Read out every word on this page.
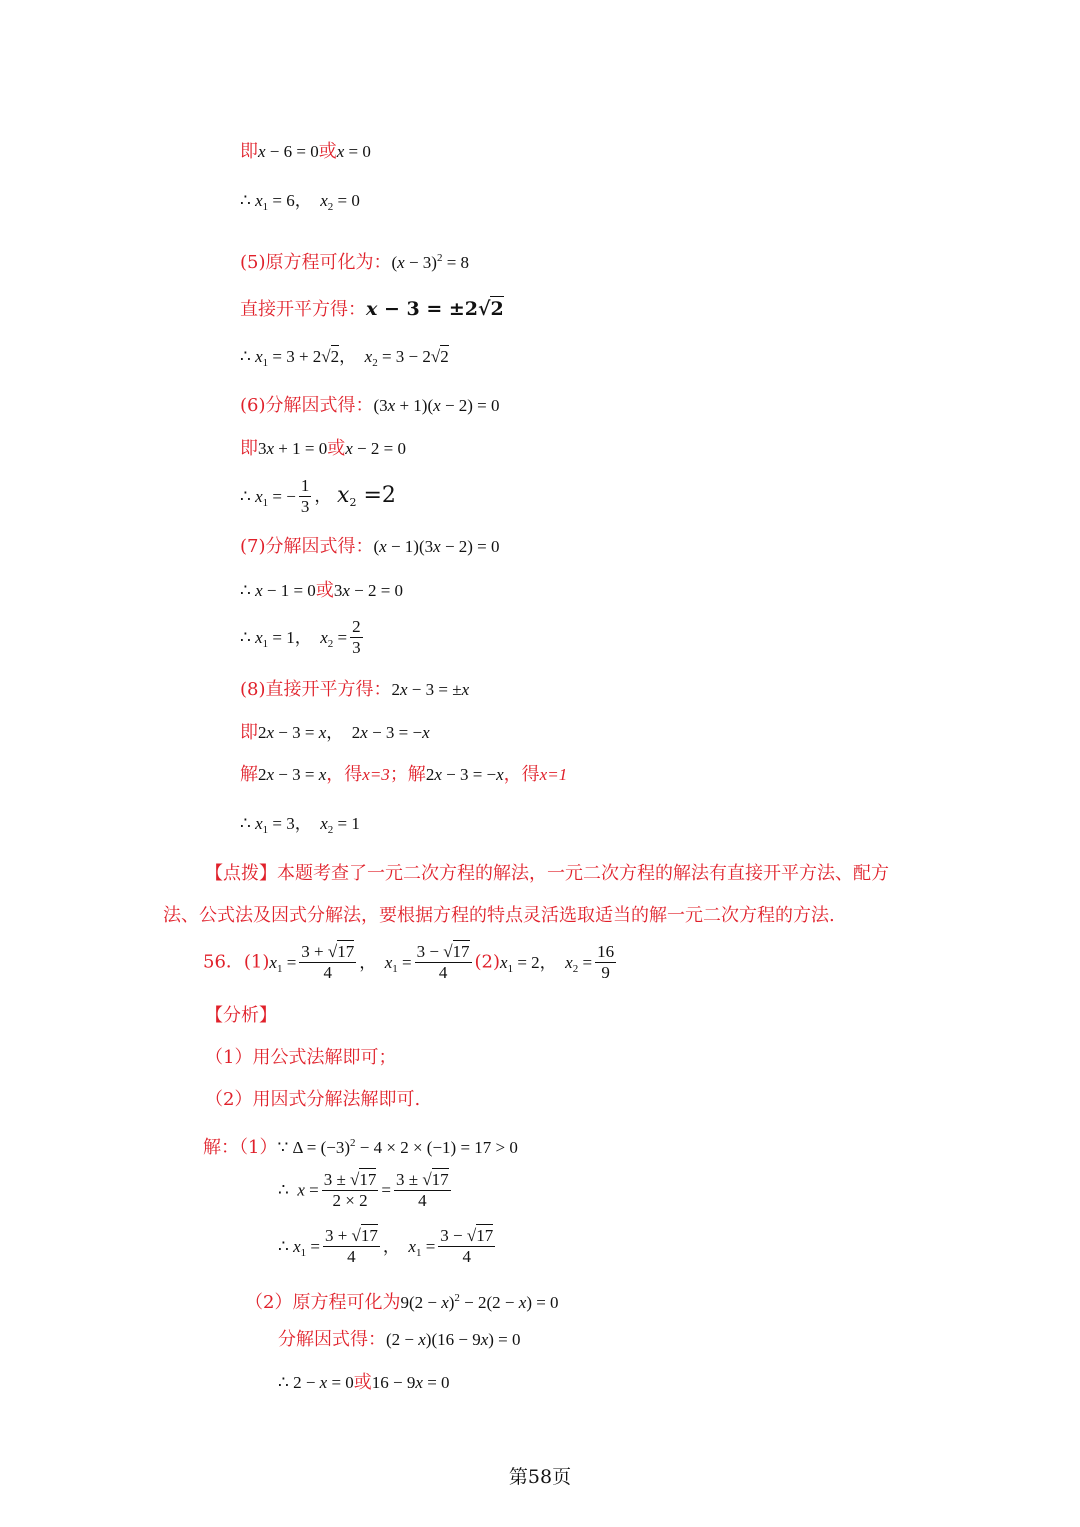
即x − 6 = 0或x = 0
∴ $x_1 = 6$，  $x_2 = 0$
(5)原方程可化为：$(x - 3)^2 = 8$
直接开平方得：x − 3 = ±2√2
∴ $x_1 = 3 + 2√2$，  $x_2 = 3 - 2√2$
(6)分解因式得：(3x + 1)(x − 2) = 0
即3x + 1 = 0或x − 2 = 0
∴ $x_1$ = − $\frac{1}{3}$ ， $x_2 =2$
(7)分解因式得：(x − 1)(3x − 2) = 0
∴ x − 1 = 0或3x − 2 = 0
∴ $x_1 = 1$，  $x_2 = \frac{2}{3}$
(8)直接开平方得：2x − 3 = ±x
即2x − 3 = x，  2x − 3 = −x
解2x − 3 = x，得x=3；解2x − 3 = −x，得x=1
∴ $x_1 = 3$，  $x_2 = 1$
【点拨】本题考查了一元二次方程的解法，一元二次方程的解法有直接开平方法、配方
法、公式法及因式分解法，要根据方程的特点灵活选取适当的解一元二次方程的方法.
56．$(1)x_1 = \frac{3 + √17}{4}$ ，  $x_1 = \frac{3 - √17}{4} (2)x_1 = 2$，  $x_2 = \frac{16}{9}$
【分析】
（1）用公式法解即可；
（2）用因式分解法解即可.
解：（1）∵ $\Delta = (-3)^2 - 4 \times 2 \times (-1) = 17 > 0$
∴  $x = \frac{3 \pm √17}{2 \times 2} = \frac{3 \pm √17}{4}$
∴ $x_1 = \frac{3 + √17}{4}$ ，  $x_1 = \frac{3 - √17}{4}$
（2）原方程可化为$9(2 - x)^2 - 2(2 - x) = 0$
分解因式得：(2 − x)(16 − 9x) = 0
∴ 2 − x = 0或16 − 9x = 0
第58页
